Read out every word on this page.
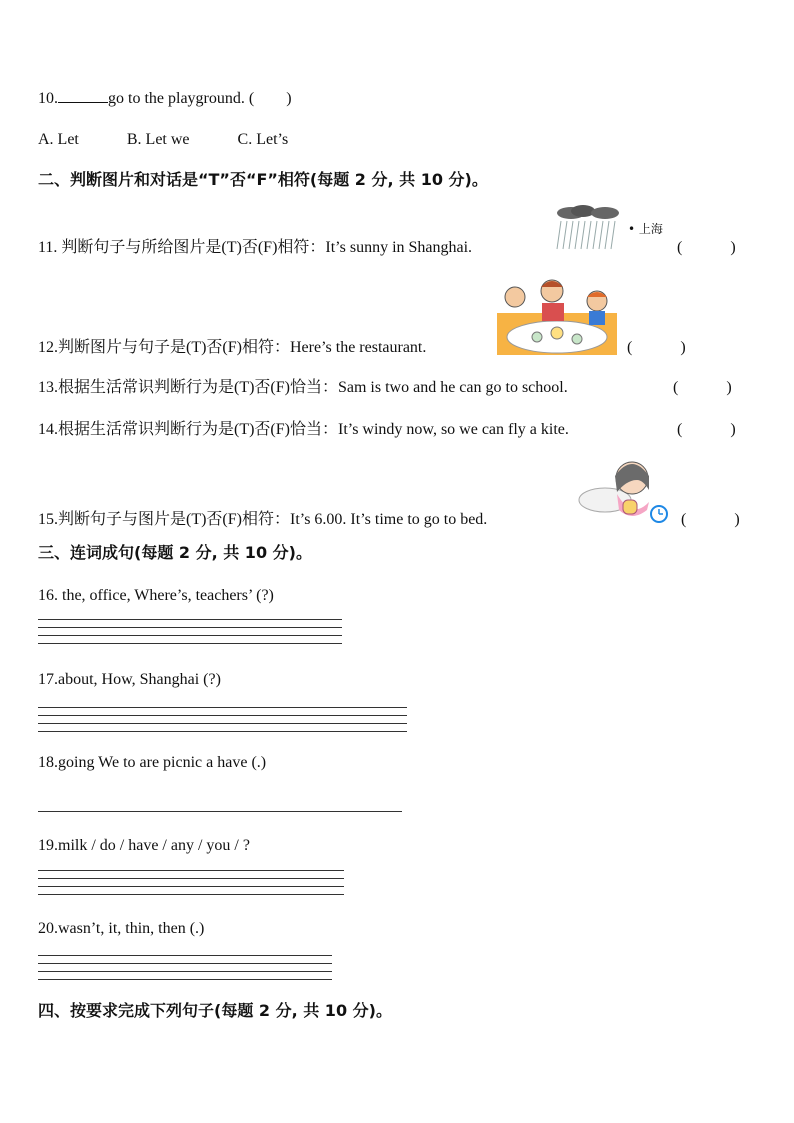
10.	go to the playground. (　　)
A. Let	B. Let we	C. Let’s
二、判断图片和对话是“T”否“F”相符(每题 2 分, 共 10 分)。
• 上海
11. 判断句子与所给图片是(T)否(F)相符：It’s sunny in Shanghai.	(　　　)
12.判断图片与句子是(T)否(F)相符：Here’s the restaurant.	(　　　)
13.根据生活常识判断行为是(T)否(F)恰当：Sam is two and he can go to school.	(　　　)
14.根据生活常识判断行为是(T)否(F)恰当：It’s windy now, so we can fly a kite.	(　　　)
15.判断句子与图片是(T)否(F)相符：It’s 6.00. It’s time to go to bed.	(　　　)
三、连词成句(每题 2 分, 共 10 分)。
16. the, office, Where’s, teachers’ (?)
17.about, How, Shanghai (?)
18.going We to are picnic a have (.)
19.milk / do / have / any / you / ?
20.wasn’t, it, thin, then (.)
四、按要求完成下列句子(每题 2 分, 共 10 分)。
